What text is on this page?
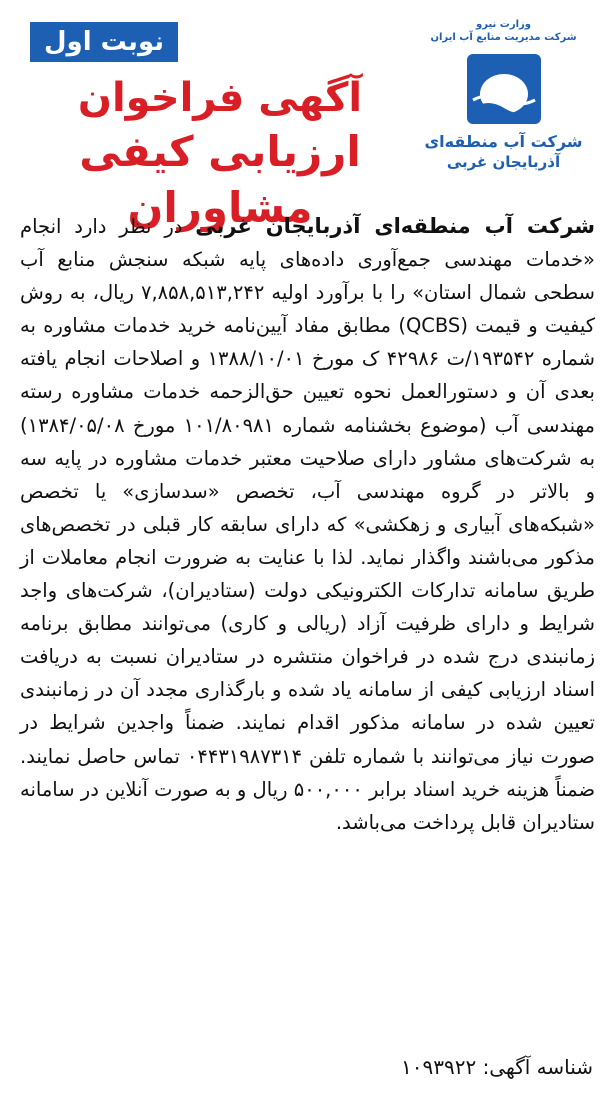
نوبت اول
وزارت نیرو
شرکت مدیریت منابع آب ایران
شرکت آب منطقه‌ای
آذربایجان غربی
آگهی فراخوان
ارزیابی کیفی مشاوران

شرکت آب منطقه‌ای آذربایجان غربی در نظر دارد انجام «خدمات مهندسی جمع‌آوری داده‌های پایه شبکه سنجش منابع آب سطحی شمال استان» را با برآورد اولیه ۷,۸۵۸,۵۱۳,۲۴۲ ریال، به روش کیفیت و قیمت (QCBS) مطابق مفاد آیین‌نامه خرید خدمات مشاوره به شماره ۱۹۳۵۴۲/ت ۴۲۹۸۶ ک مورخ ۱۳۸۸/۱۰/۰۱ و اصلاحات انجام یافته بعدی آن و دستورالعمل نحوه تعیین حق‌الزحمه خدمات مشاوره رسته مهندسی آب (موضوع بخشنامه شماره ۱۰۱/۸۰۹۸۱ مورخ ۱۳۸۴/۰۵/۰۸) به شرکت‌های مشاور دارای صلاحیت معتبر خدمات مشاوره در پایه سه و بالاتر در گروه مهندسی آب، تخصص «سدسازی» یا تخصص «شبکه‌های آبیاری و زهکشی» که دارای سابقه کار قبلی در تخصص‌های مذکور می‌باشند واگذار نماید. لذا با عنایت به ضرورت انجام معاملات از طریق سامانه تدارکات الکترونیکی دولت (ستادیران)، شرکت‌های واجد شرایط و دارای ظرفیت آزاد (ریالی و کاری) می‌توانند مطابق برنامه زمانبندی درج شده در فراخوان منتشره در ستادیران نسبت به دریافت اسناد ارزیابی کیفی از سامانه یاد شده و بارگذاری مجدد آن در زمانبندی تعیین شده در سامانه مذکور اقدام نمایند. ضمناً واجدین شرایط در صورت نیاز می‌توانند با شماره تلفن ۰۴۴۳۱۹۸۷۳۱۴ تماس حاصل نمایند. ضمناً هزینه خرید اسناد برابر ۵۰۰,۰۰۰ ریال و به صورت آنلاین در سامانه ستادیران قابل پرداخت می‌باشد.

شناسه آگهی: ۱۰۹۳۹۲۲
